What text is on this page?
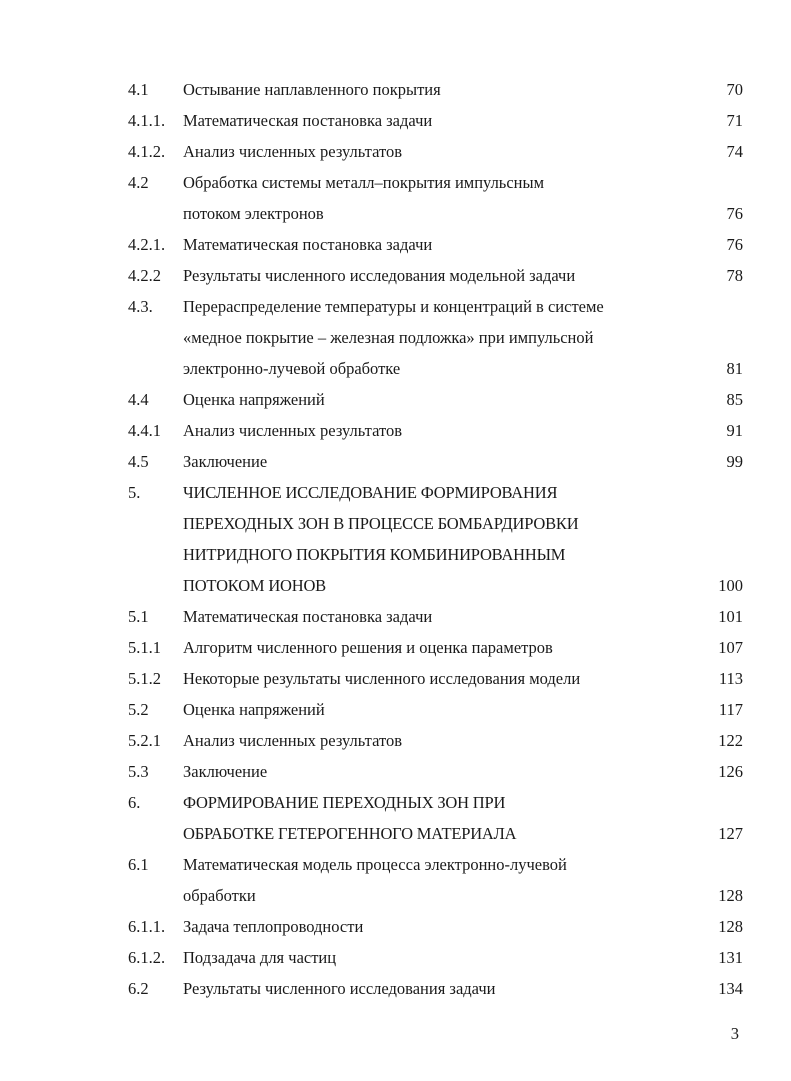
4.1 Остывание наплавленного покрытия	70
4.1.1. Математическая постановка задачи	71
4.1.2. Анализ численных результатов	74
4.2 Обработка системы металл–покрытия импульсным
потоком электронов	76
4.2.1. Математическая постановка задачи	76
4.2.2 Результаты численного исследования модельной задачи	78
4.3. Перераспределение температуры и концентраций в системе
«медное покрытие – железная подложка» при импульсной
электронно-лучевой обработке	81
4.4 Оценка напряжений	85
4.4.1 Анализ численных результатов	91
4.5 Заключение	99
5.	ЧИСЛЕННОЕ ИССЛЕДОВАНИЕ ФОРМИРОВАНИЯ
ПЕРЕХОДНЫХ ЗОН В ПРОЦЕССЕ БОМБАРДИРОВКИ
НИТРИДНОГО ПОКРЫТИЯ КОМБИНИРОВАННЫМ
ПОТОКОМ ИОНОВ	100
5.1 Математическая постановка задачи	101
5.1.1 Алгоритм численного решения и оценка параметров	107
5.1.2 Некоторые результаты численного исследования модели	113
5.2 Оценка напряжений	117
5.2.1 Анализ численных результатов	122
5.3 Заключение	126
6.	ФОРМИРОВАНИЕ ПЕРЕХОДНЫХ ЗОН ПРИ
ОБРАБОТКЕ ГЕТЕРОГЕННОГО МАТЕРИАЛА	127
6.1 Математическая модель процесса электронно-лучевой
обработки	128
6.1.1. Задача теплопроводности	128
6.1.2. Подзадача для частиц	131
6.2 Результаты численного исследования задачи	134
3
